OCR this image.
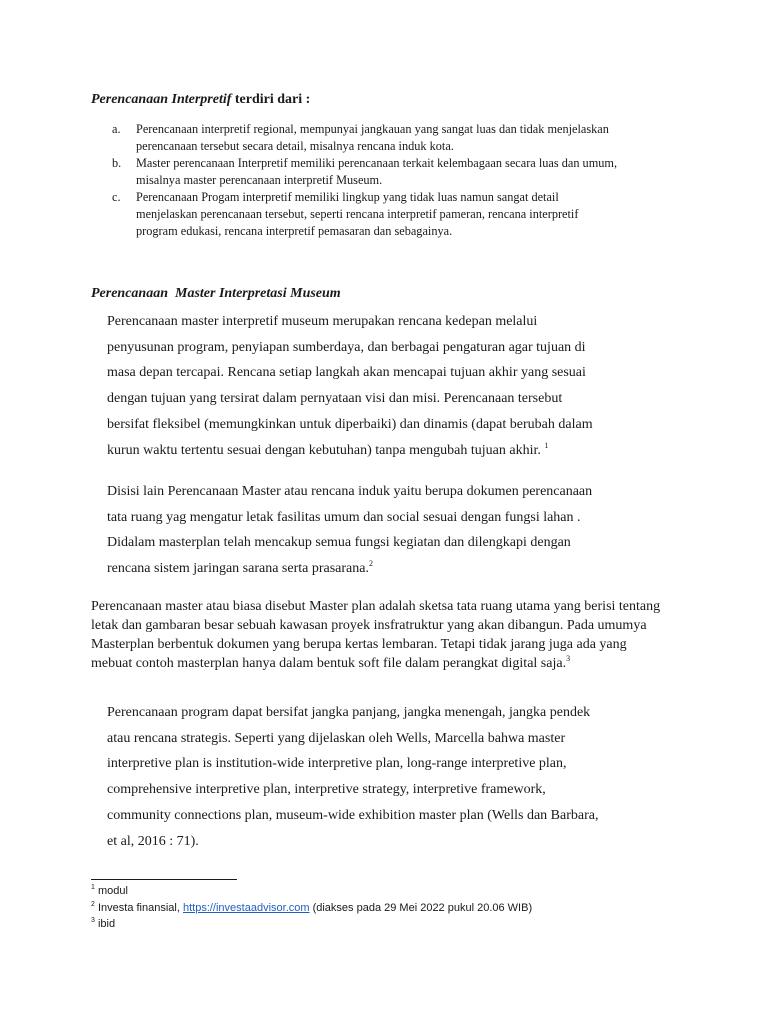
Perencanaan Interpretif terdiri dari :
a. Perencanaan interpretif regional, mempunyai jangkauan yang sangat luas dan tidak menjelaskan
perencanaan tersebut secara detail, misalnya rencana induk kota.
b. Master perencanaan Interpretif memiliki perencanaan terkait kelembagaan secara luas dan umum,
misalnya master perencanaan interpretif Museum.
c. Perencanaan Progam interpretif memiliki lingkup yang tidak luas namun sangat detail
menjelaskan perencanaan tersebut, seperti rencana interpretif pameran, rencana interpretif
program edukasi, rencana interpretif pemasaran dan sebagainya.
Perencanaan  Master Interpretasi Museum
Perencanaan master interpretif museum merupakan rencana kedepan melalui
penyusunan program, penyiapan sumberdaya, dan berbagai pengaturan agar tujuan di
masa depan tercapai. Rencana setiap langkah akan mencapai tujuan akhir yang sesuai
dengan tujuan yang tersirat dalam pernyataan visi dan misi. Perencanaan tersebut
bersifat fleksibel (memungkinkan untuk diperbaiki) dan dinamis (dapat berubah dalam
kurun waktu tertentu sesuai dengan kebutuhan) tanpa mengubah tujuan akhir. $^1$
Disisi lain Perencanaan Master atau rencana induk yaitu berupa dokumen perencanaan
tata ruang yag mengatur letak fasilitas umum dan social sesuai dengan fungsi lahan .
Didalam masterplan telah mencakup semua fungsi kegiatan dan dilengkapi dengan
rencana sistem jaringan sarana serta prasarana.$^2$
Perencanaan master atau biasa disebut Master plan adalah sketsa tata ruang utama yang berisi tentang letak dan gambaran besar sebuah kawasan proyek insfratruktur yang akan dibangun. Pada umumya Masterplan berbentuk dokumen yang berupa kertas lembaran. Tetapi tidak jarang juga ada yang mebuat contoh masterplan hanya dalam bentuk soft file dalam perangkat digital saja.$^3$
Perencanaan program dapat bersifat jangka panjang, jangka menengah, jangka pendek
atau rencana strategis. Seperti yang dijelaskan oleh Wells, Marcella bahwa master
interpretive plan is institution-wide interpretive plan, long-range interpretive plan,
comprehensive interpretive plan, interpretive strategy, interpretive framework,
community connections plan, museum-wide exhibition master plan (Wells dan Barbara,
et al, 2016 : 71).
$^1$ modul
$^2$ Investa finansial, https://investaadvisor.com (diakses pada 29 Mei 2022 pukul 20.06 WIB)
$^3$ ibid
